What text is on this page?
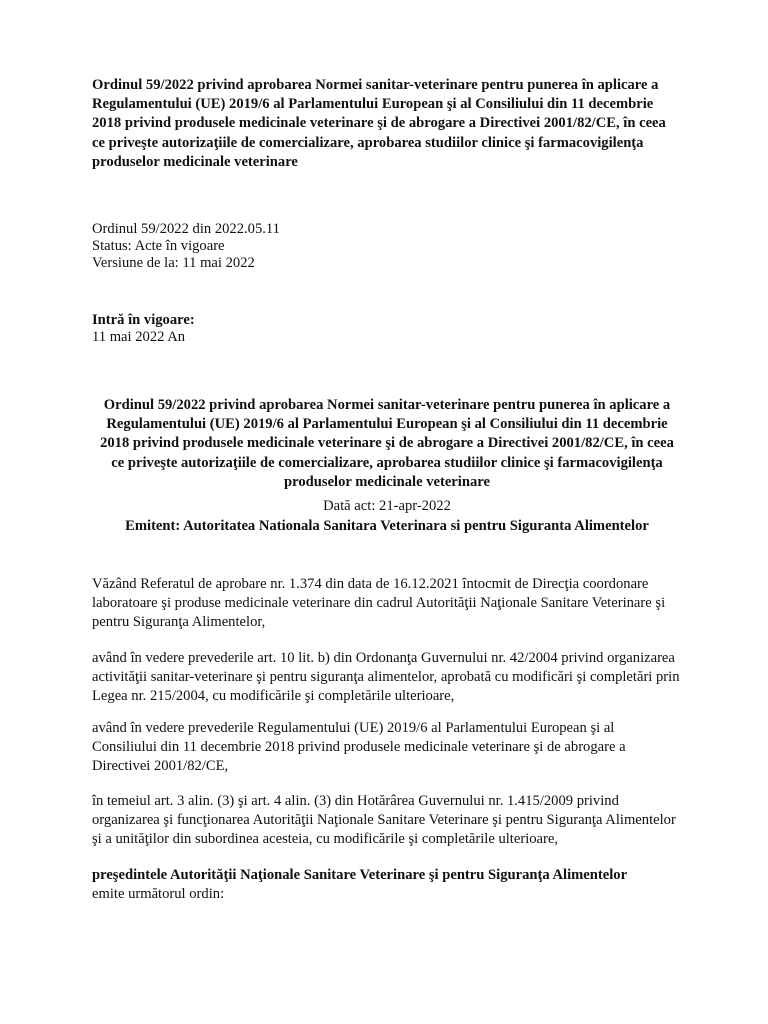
Ordinul 59/2022 privind aprobarea Normei sanitar-veterinare pentru punerea în aplicare a Regulamentului (UE) 2019/6 al Parlamentului European şi al Consiliului din 11 decembrie 2018 privind produsele medicinale veterinare şi de abrogare a Directivei 2001/82/CE, în ceea ce priveşte autorizaţiile de comercializare, aprobarea studiilor clinice şi farmacovigilenţa produselor medicinale veterinare

Ordinul 59/2022 din 2022.05.11
Status: Acte în vigoare
Versiune de la: 11 mai 2022
Intră în vigoare:
11 mai 2022 An

Ordinul 59/2022 privind aprobarea Normei sanitar-veterinare pentru punerea în aplicare a Regulamentului (UE) 2019/6 al Parlamentului European şi al Consiliului din 11 decembrie 2018 privind produsele medicinale veterinare şi de abrogare a Directivei 2001/82/CE, în ceea ce priveşte autorizaţiile de comercializare, aprobarea studiilor clinice şi farmacovigilenţa produselor medicinale veterinare

Dată act: 21-apr-2022

Emitent: Autoritatea Nationala Sanitara Veterinara si pentru Siguranta Alimentelor

Văzând Referatul de aprobare nr. 1.374 din data de 16.12.2021 întocmit de Direcţia coordonare laboratoare şi produse medicinale veterinare din cadrul Autorităţii Naţionale Sanitare Veterinare şi pentru Siguranţa Alimentelor,

având în vedere prevederile art. 10 lit. b) din Ordonanţa Guvernului nr. 42/2004 privind organizarea activităţii sanitar-veterinare şi pentru siguranţa alimentelor, aprobată cu modificări şi completări prin Legea nr. 215/2004, cu modificările şi completările ulterioare,

având în vedere prevederile Regulamentului (UE) 2019/6 al Parlamentului European şi al Consiliului din 11 decembrie 2018 privind produsele medicinale veterinare şi de abrogare a Directivei 2001/82/CE,

în temeiul art. 3 alin. (3) şi art. 4 alin. (3) din Hotărârea Guvernului nr. 1.415/2009 privind organizarea şi funcţionarea Autorităţii Naţionale Sanitare Veterinare şi pentru Siguranţa Alimentelor şi a unităţilor din subordinea acesteia, cu modificările şi completările ulterioare,

preşedintele Autorităţii Naţionale Sanitare Veterinare şi pentru Siguranţa Alimentelor
emite următorul ordin:
